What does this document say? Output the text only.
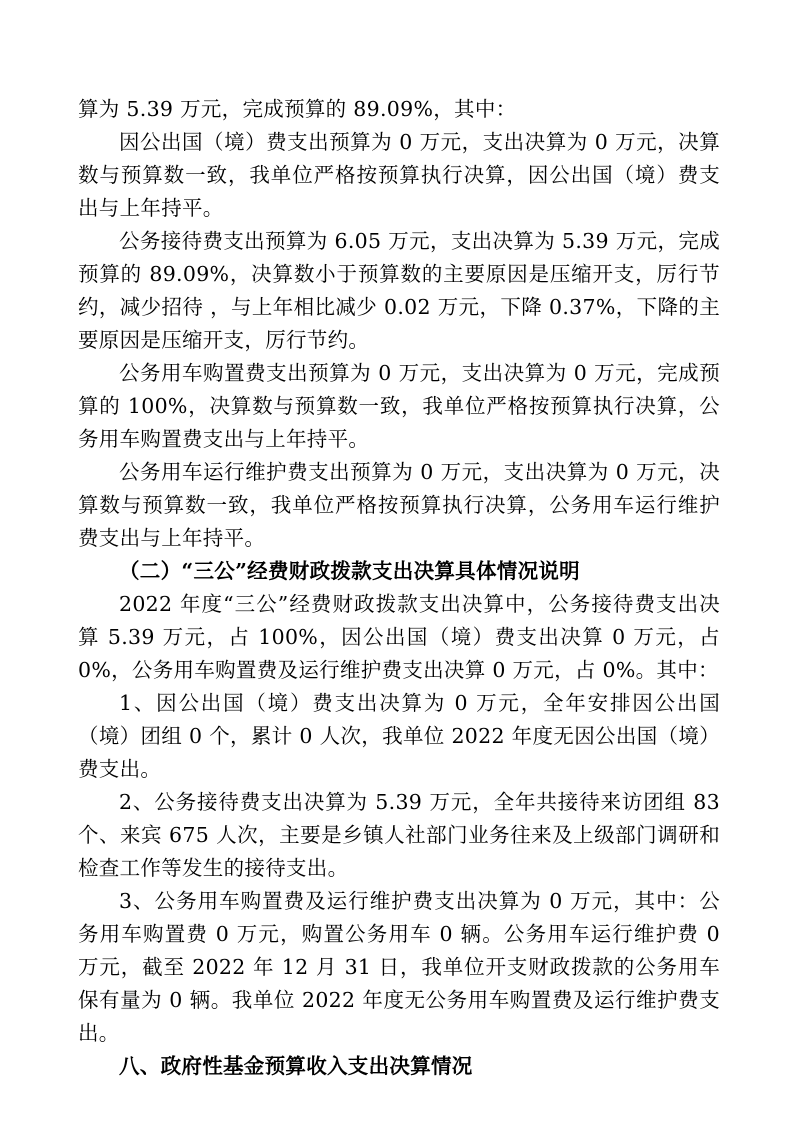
算为 5.39 万元，完成预算的 89.09%，其中：

因公出国（境）费支出预算为 0 万元，支出决算为 0 万元，决算数与预算数一致，我单位严格按预算执行决算，因公出国（境）费支出与上年持平。

公务接待费支出预算为 6.05 万元，支出决算为 5.39 万元，完成预算的 89.09%，决算数小于预算数的主要原因是压缩开支，厉行节约，减少招待 ，与上年相比减少 0.02 万元，下降 0.37%，下降的主要原因是压缩开支，厉行节约。

公务用车购置费支出预算为 0 万元，支出决算为 0 万元，完成预算的 100%，决算数与预算数一致，我单位严格按预算执行决算，公务用车购置费支出与上年持平。

公务用车运行维护费支出预算为 0 万元，支出决算为 0 万元，决算数与预算数一致，我单位严格按预算执行决算，公务用车运行维护费支出与上年持平。

（二）“三公”经费财政拨款支出决算具体情况说明

2022 年度“三公”经费财政拨款支出决算中，公务接待费支出决算 5.39 万元，占 100%，因公出国（境）费支出决算 0 万元，占 0%，公务用车购置费及运行维护费支出决算 0 万元，占 0%。其中：

1、因公出国（境）费支出决算为 0 万元，全年安排因公出国（境）团组 0 个，累计 0 人次，我单位 2022 年度无因公出国（境）费支出。

2、公务接待费支出决算为 5.39 万元，全年共接待来访团组 83 个、来宾 675 人次，主要是乡镇人社部门业务往来及上级部门调研和检查工作等发生的接待支出。

3、公务用车购置费及运行维护费支出决算为 0 万元，其中：公务用车购置费 0 万元，购置公务用车 0 辆。公务用车运行维护费 0 万元，截至 2022 年 12 月 31 日，我单位开支财政拨款的公务用车保有量为 0 辆。我单位 2022 年度无公务用车购置费及运行维护费支出。

八、政府性基金预算收入支出决算情况
